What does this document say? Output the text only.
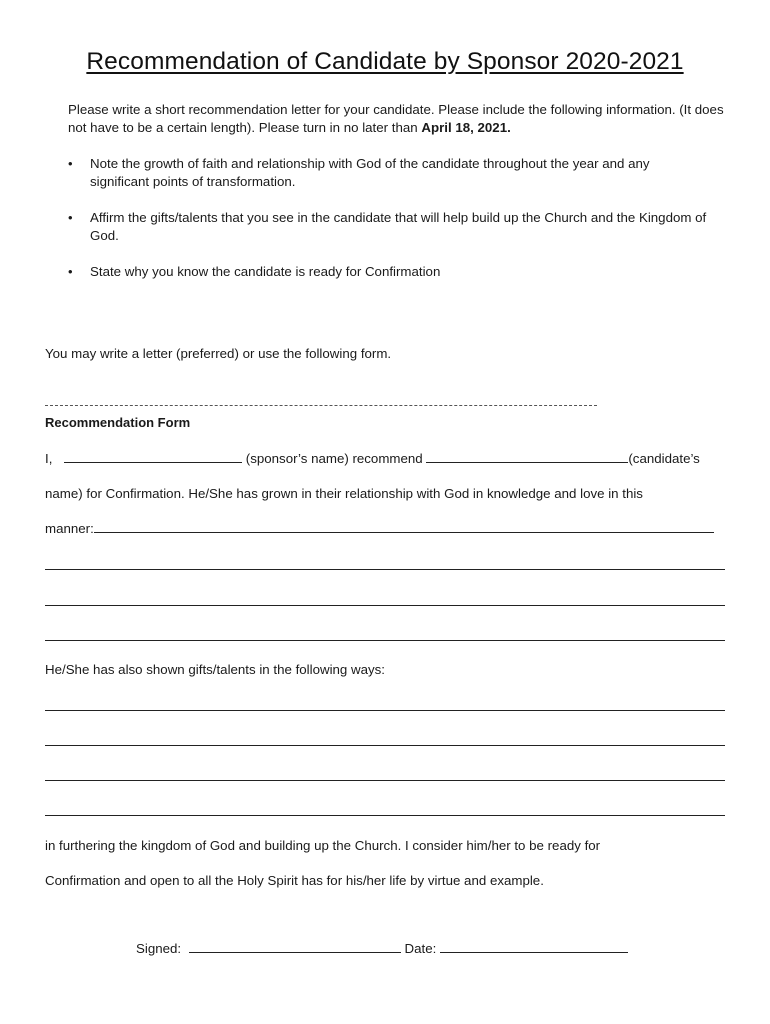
Recommendation of Candidate by Sponsor 2020-2021
Please write a short recommendation letter for your candidate. Please include the following information. (It does not have to be a certain length). Please turn in no later than April 18, 2021.
• Note the growth of faith and relationship with God of the candidate throughout the year and any significant points of transformation.
• Affirm the gifts/talents that you see in the candidate that will help build up the Church and the Kingdom of God.
• State why you know the candidate is ready for Confirmation
You may write a letter (preferred) or use the following form.
Recommendation Form
I,	(sponsor’s name) recommend	(candidate’s
name) for Confirmation. He/She has grown in their relationship with God in knowledge and love in this
manner:
He/She has also shown gifts/talents in the following ways:
in furthering the kingdom of God and building up the Church. I consider him/her to be ready for
Confirmation and open to all the Holy Spirit has for his/her life by virtue and example.
Signed:	Date:
